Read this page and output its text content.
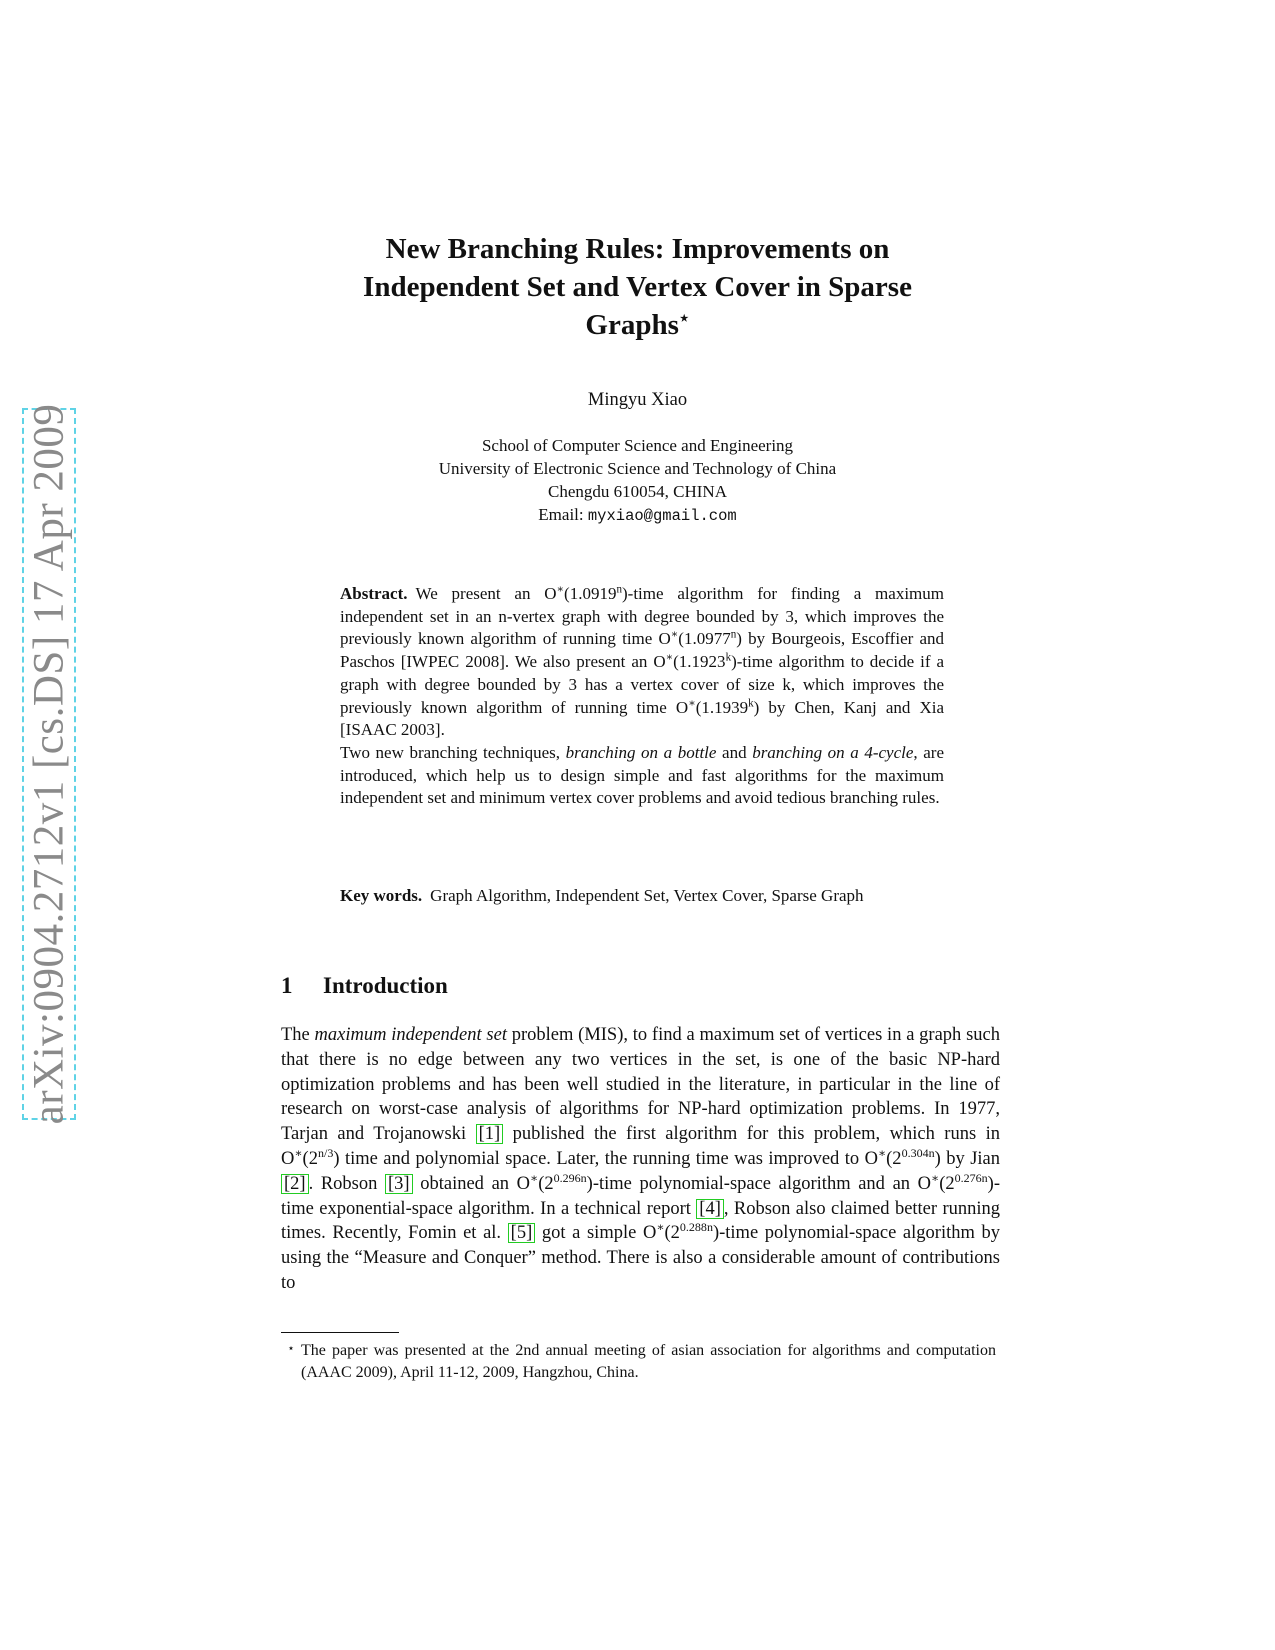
arXiv:0904.2712v1 [cs.DS] 17 Apr 2009
New Branching Rules: Improvements on
Independent Set and Vertex Cover in Sparse
Graphs⋆
Mingyu Xiao
School of Computer Science and Engineering
University of Electronic Science and Technology of China
Chengdu 610054, CHINA
Email: myxiao@gmail.com

Abstract. We present an O∗(1.0919$^n$)-time algorithm for finding a maximum independent set in an n-vertex graph with degree bounded by 3, which improves the previously known algorithm of running time O∗(1.0977$^n$) by Bourgeois, Escoffier and Paschos [IWPEC 2008]. We also present an O∗(1.1923$^k$)-time algorithm to decide if a graph with degree bounded by 3 has a vertex cover of size k, which improves the previously known algorithm of running time O∗(1.1939$^k$) by Chen, Kanj and Xia [ISAAC 2003].

Two new branching techniques, branching on a bottle and branching on a 4-cycle, are introduced, which help us to design simple and fast algorithms for the maximum independent set and minimum vertex cover problems and avoid tedious branching rules.

Key words. Graph Algorithm, Independent Set, Vertex Cover, Sparse Graph

1 Introduction

The maximum independent set problem (MIS), to find a maximum set of vertices in a graph such that there is no edge between any two vertices in the set, is one of the basic NP-hard optimization problems and has been well studied in the literature, in particular in the line of research on worst-case analysis of algorithms for NP-hard optimization problems. In 1977, Tarjan and Trojanowski [1] published the first algorithm for this problem, which runs in $O^∗(2^{n/3})$ time and polynomial space. Later, the running time was improved to $O^∗(2^{0.304n})$ by Jian [2] . Robson [3] obtained an $O^∗(2^{0.296n})$-time polynomial-space algorithm and an $O^∗(2^{0.276n})$-time exponential-space algorithm. In a technical report [4] , Robson also claimed better running times. Recently, Fomin et al. [5] got a simple $O^∗(2^{0.288n})$-time polynomial-space algorithm by using the “Measure and Conquer” method. There is also a considerable amount of contributions to

⋆ The paper was presented at the 2nd annual meeting of asian association for algorithms and computation (AAAC 2009), April 11-12, 2009, Hangzhou, China.
